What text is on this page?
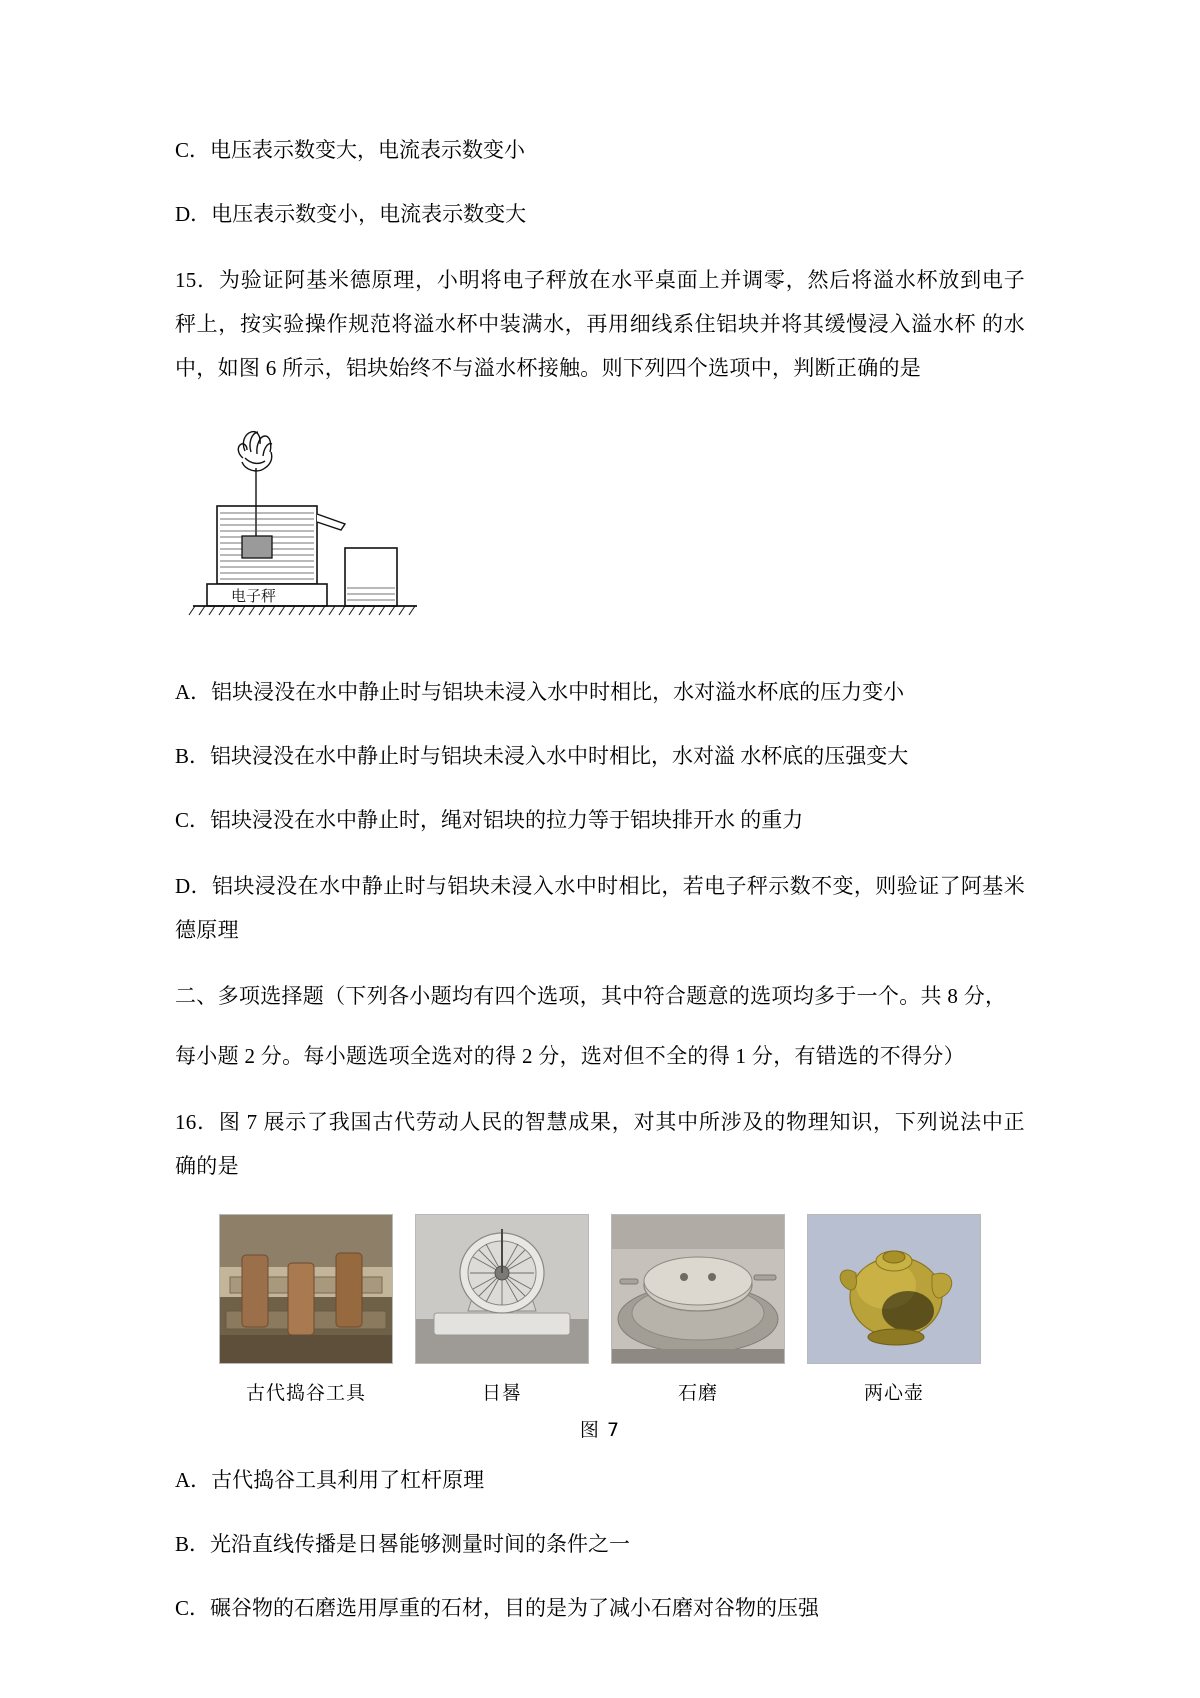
C．电压表示数变大，电流表示数变小

D．电压表示数变小，电流表示数变大

15．为验证阿基米德原理，小明将电子秤放在水平桌面上并调零，然后将溢水杯放到电子 秤上，按实验操作规范将溢水杯中装满水，再用细线系住铝块并将其缓慢浸入溢水杯 的水中，如图 6 所示，铝块始终不与溢水杯接触。则下列四个选项中，判断正确的是

电子秤

A．铝块浸没在水中静止时与铝块未浸入水中时相比，水对溢水杯底的压力变小

B．铝块浸没在水中静止时与铝块未浸入水中时相比，水对溢 水杯底的压强变大

C．铝块浸没在水中静止时，绳对铝块的拉力等于铝块排开水 的重力

D．铝块浸没在水中静止时与铝块未浸入水中时相比，若电子秤示数不变，则验证了阿基米德原理

二、多项选择题（下列各小题均有四个选项，其中符合题意的选项均多于一个。共 8 分，

每小题 2 分。每小题选项全选对的得 2 分，选对但不全的得 1 分，有错选的不得分）

16．图 7 展示了我国古代劳动人民的智慧成果，对其中所涉及的物理知识，下列说法中正确的是

古代捣谷工具	日晷	石磨	两心壶
图 7

A．古代捣谷工具利用了杠杆原理

B．光沿直线传播是日晷能够测量时间的条件之一

C．碾谷物的石磨选用厚重的石材，目的是为了减小石磨对谷物的压强
